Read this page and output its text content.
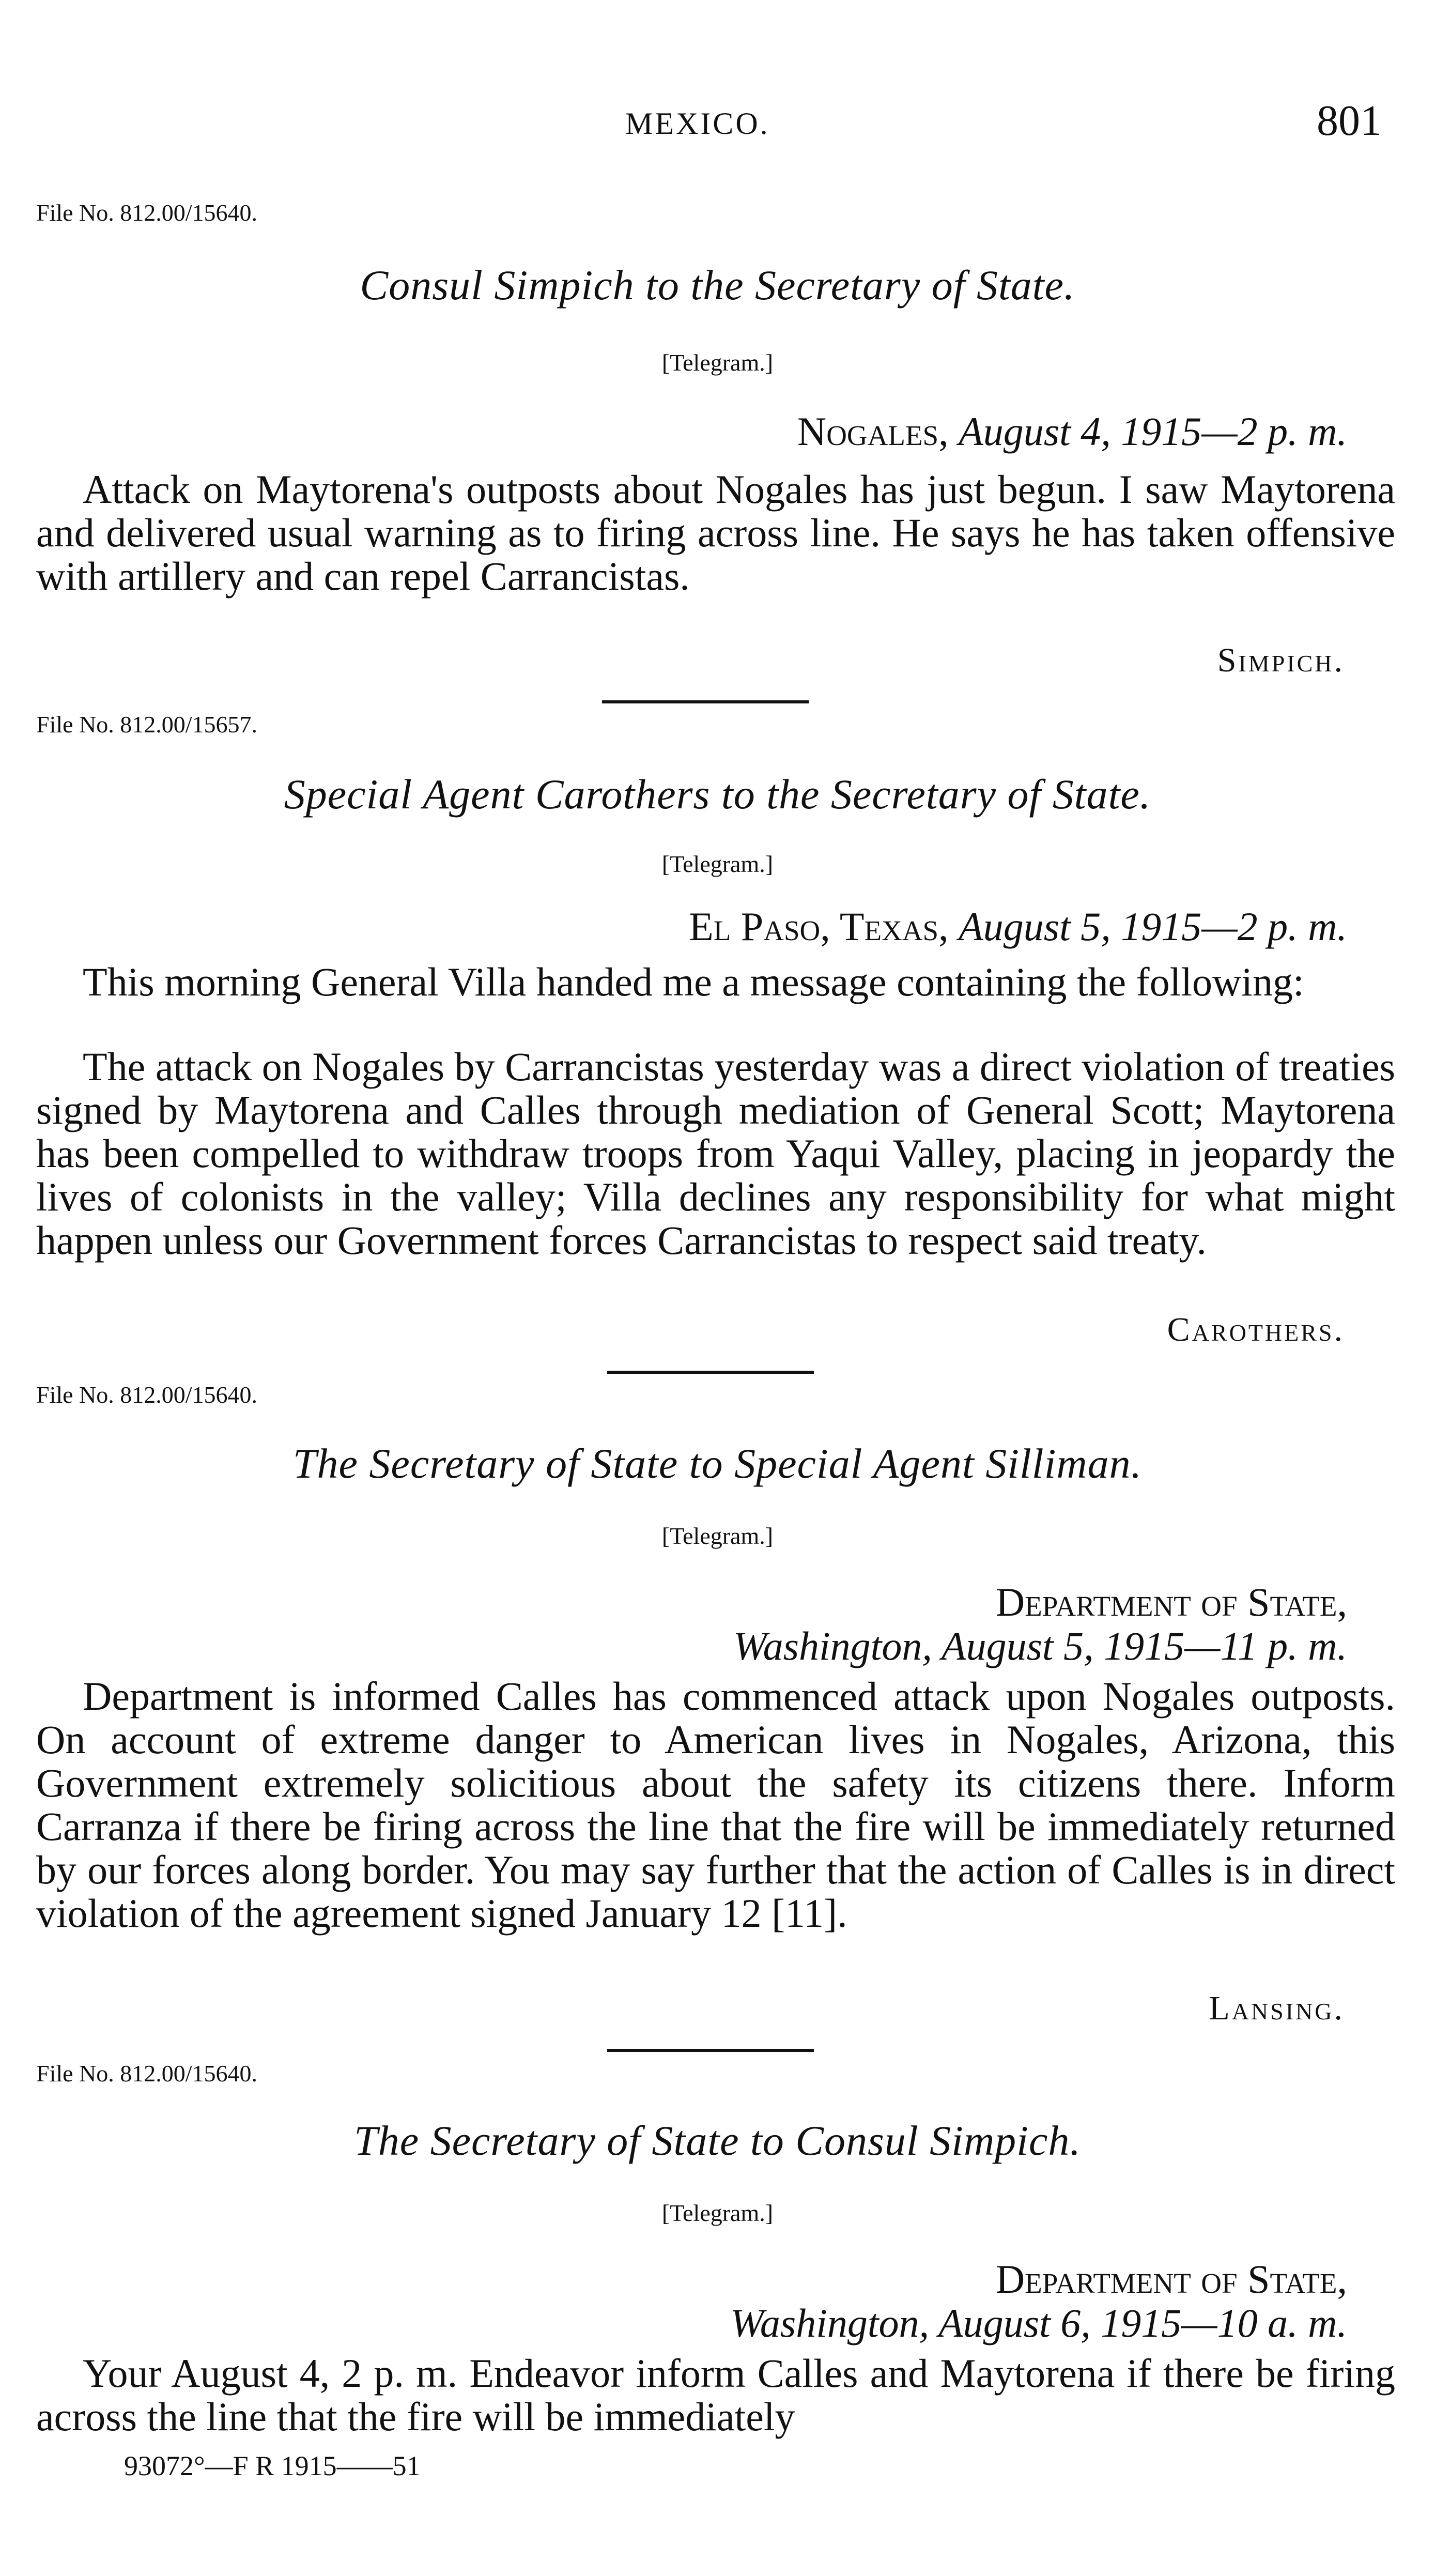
MEXICO.	801
File No. 812.00/15640.
Consul Simpich to the Secretary of State.
[Telegram.]
Nogales, August 4, 1915—2 p. m.
Attack on Maytorena's outposts about Nogales has just begun. I saw Maytorena and delivered usual warning as to firing across line. He says he has taken offensive with artillery and can repel Carrancistas.
Simpich.
File No. 812.00/15657.
Special Agent Carothers to the Secretary of State.
[Telegram.]
El Paso, Texas, August 5, 1915—2 p. m.
This morning General Villa handed me a message containing the following:
The attack on Nogales by Carrancistas yesterday was a direct violation of treaties signed by Maytorena and Calles through mediation of General Scott; Maytorena has been compelled to withdraw troops from Yaqui Valley, placing in jeopardy the lives of colonists in the valley; Villa declines any responsibility for what might happen unless our Government forces Carrancistas to respect said treaty.
Carothers.
File No. 812.00/15640.
The Secretary of State to Special Agent Silliman.
[Telegram.]
Department of State,
Washington, August 5, 1915—11 p. m.
Department is informed Calles has commenced attack upon Nogales outposts. On account of extreme danger to American lives in Nogales, Arizona, this Government extremely solicitious about the safety its citizens there. Inform Carranza if there be firing across the line that the fire will be immediately returned by our forces along border. You may say further that the action of Calles is in direct violation of the agreement signed January 12 [11].
Lansing.
File No. 812.00/15640.
The Secretary of State to Consul Simpich.
[Telegram.]
Department of State,
Washington, August 6, 1915—10 a. m.
Your August 4, 2 p. m. Endeavor inform Calles and Maytorena if there be firing across the line that the fire will be immediately
93072°—F R 1915——51
